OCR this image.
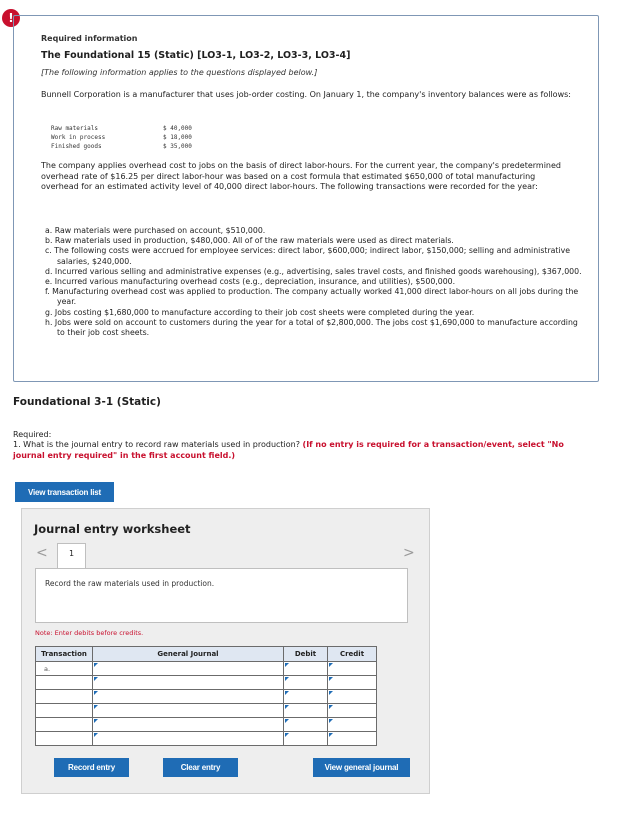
!
Required information
The Foundational 15 (Static) [LO3-1, LO3-2, LO3-3, LO3-4]
[The following information applies to the questions displayed below.]
Bunnell Corporation is a manufacturer that uses job-order costing. On January 1, the company's inventory balances were as follows:
Raw materials	$ 40,000
Work in process	$ 18,000
Finished goods	$ 35,000
The company applies overhead cost to jobs on the basis of direct labor-hours. For the current year, the company's predetermined overhead rate of $16.25 per direct labor-hour was based on a cost formula that estimated $650,000 of total manufacturing overhead for an estimated activity level of 40,000 direct labor-hours. The following transactions were recorded for the year:
a. Raw materials were purchased on account, $510,000.
b. Raw materials used in production, $480,000. All of of the raw materials were used as direct materials.
c. The following costs were accrued for employee services: direct labor, $600,000; indirect labor, $150,000; selling and administrative salaries, $240,000.
d. Incurred various selling and administrative expenses (e.g., advertising, sales travel costs, and finished goods warehousing), $367,000.
e. Incurred various manufacturing overhead costs (e.g., depreciation, insurance, and utilities), $500,000.
f. Manufacturing overhead cost was applied to production. The company actually worked 41,000 direct labor-hours on all jobs during the year.
g. Jobs costing $1,680,000 to manufacture according to their job cost sheets were completed during the year.
h. Jobs were sold on account to customers during the year for a total of $2,800,000. The jobs cost $1,690,000 to manufacture according to their job cost sheets.
Foundational 3-1 (Static)
Required:
1. What is the journal entry to record raw materials used in production? (If no entry is required for a transaction/event, select "No journal entry required" in the first account field.)
View transaction list
Journal entry worksheet
<	1	>
Record the raw materials used in production.
Note: Enter debits before credits.
Transaction	General Journal	Debit	Credit
a.			

Record entry	Clear entry	View general journal
